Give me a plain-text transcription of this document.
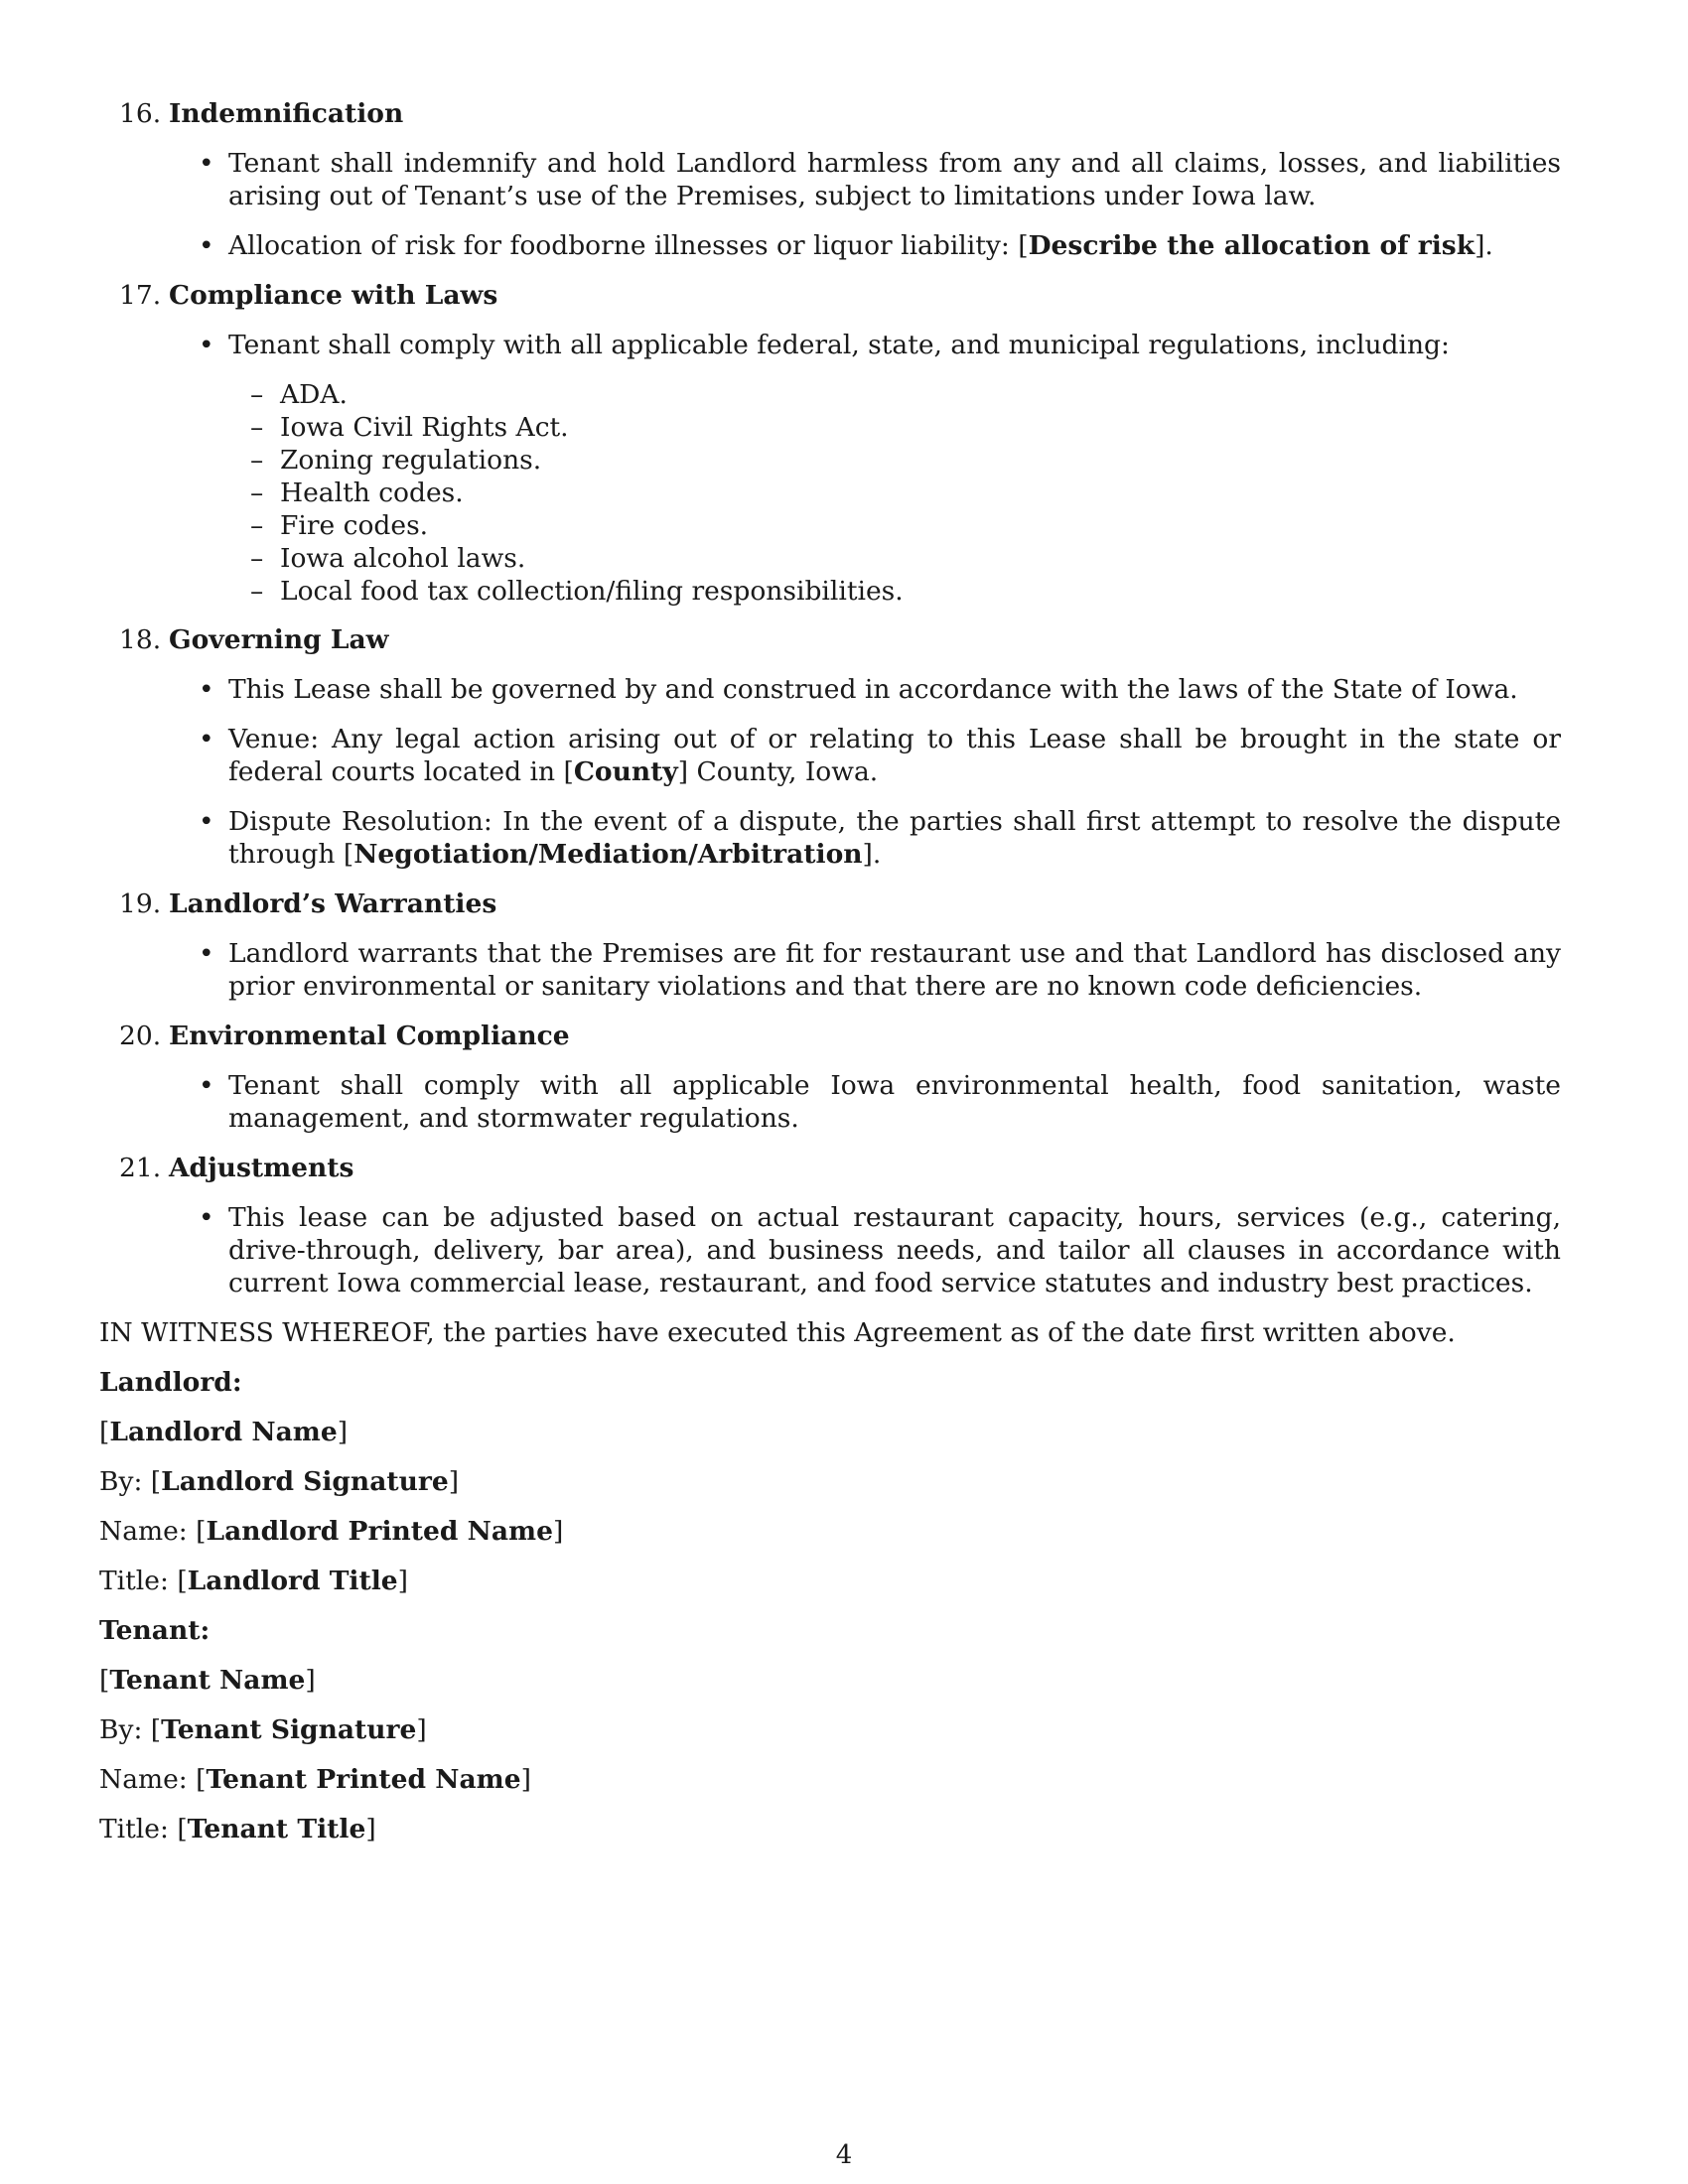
16. Indemnification
• Tenant shall indemnify and hold Landlord harmless from any and all claims, losses, and liabilities arising out of Tenant’s use of the Premises, subject to limitations under Iowa law.
• Allocation of risk for foodborne illnesses or liquor liability: [Describe the allocation of risk].
17. Compliance with Laws
• Tenant shall comply with all applicable federal, state, and municipal regulations, including:
– ADA.
– Iowa Civil Rights Act.
– Zoning regulations.
– Health codes.
– Fire codes.
– Iowa alcohol laws.
– Local food tax collection/filing responsibilities.
18. Governing Law
• This Lease shall be governed by and construed in accordance with the laws of the State of Iowa.
• Venue: Any legal action arising out of or relating to this Lease shall be brought in the state or federal courts located in [County] County, Iowa.
• Dispute Resolution: In the event of a dispute, the parties shall first attempt to resolve the dispute through [Negotiation/Mediation/Arbitration].
19. Landlord’s Warranties
• Landlord warrants that the Premises are fit for restaurant use and that Landlord has disclosed any prior environmental or sanitary violations and that there are no known code deficiencies.
20. Environmental Compliance
• Tenant shall comply with all applicable Iowa environmental health, food sanitation, waste management, and stormwater regulations.
21. Adjustments
• This lease can be adjusted based on actual restaurant capacity, hours, services (e.g., catering, drive-through, delivery, bar area), and business needs, and tailor all clauses in accordance with current Iowa commercial lease, restaurant, and food service statutes and industry best practices.

IN WITNESS WHEREOF, the parties have executed this Agreement as of the date first written above.

Landlord:

[Landlord Name]

By: [Landlord Signature]

Name: [Landlord Printed Name]

Title: [Landlord Title]

Tenant:

[Tenant Name]

By: [Tenant Signature]

Name: [Tenant Printed Name]

Title: [Tenant Title]

4
